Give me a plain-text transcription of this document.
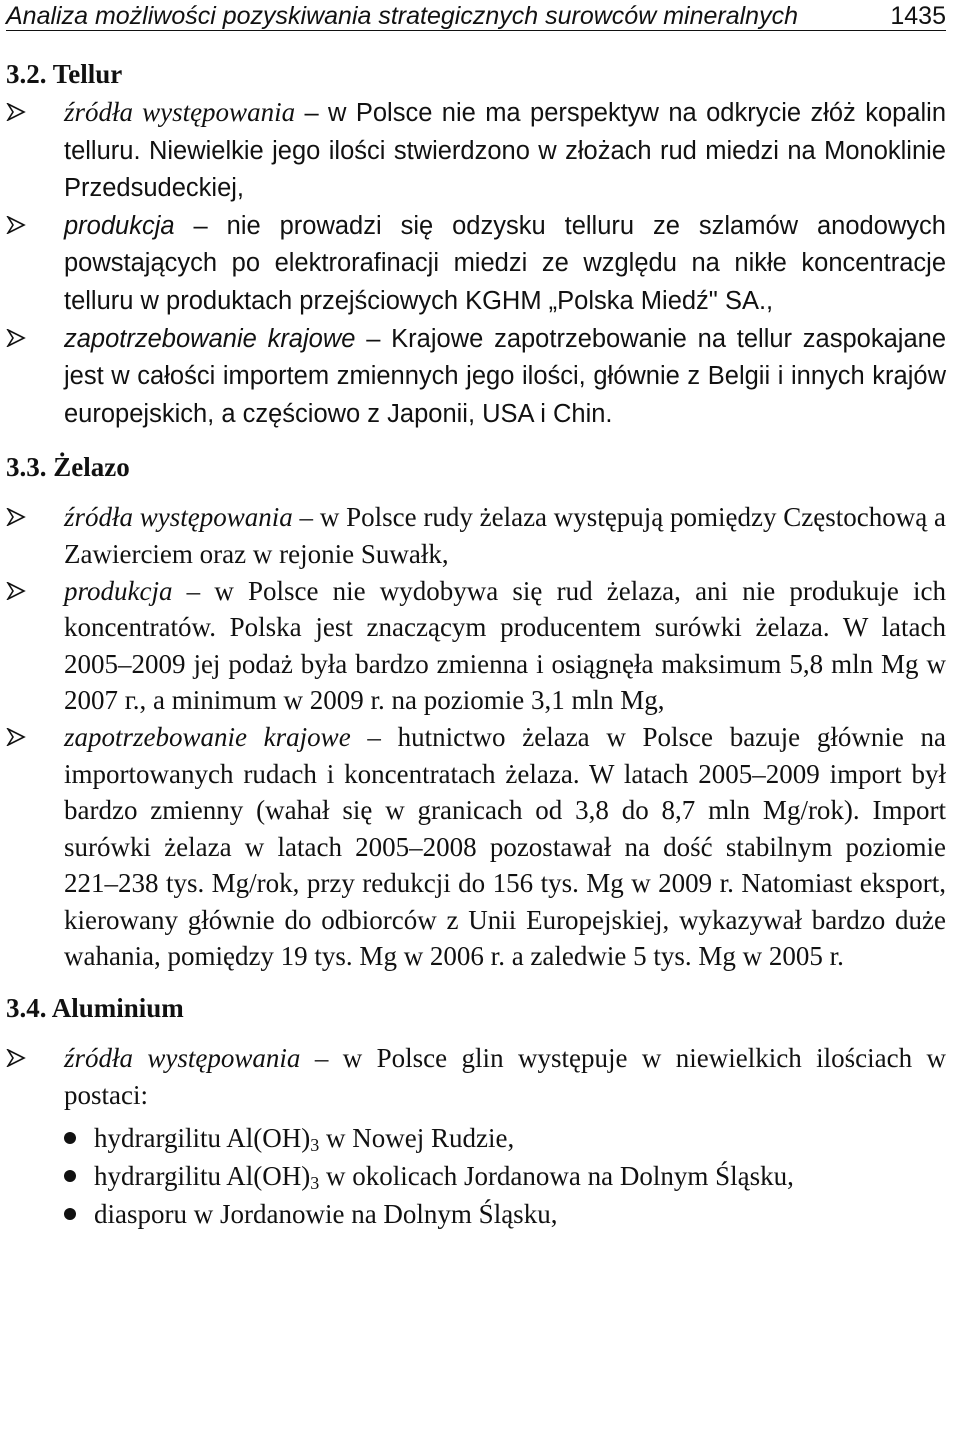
Analiza możliwości pozyskiwania strategicznych surowców mineralnych	1435
3.2. Tellur
źródła występowania – w Polsce nie ma perspektyw na odkrycie złóż kopalin telluru. Niewielkie jego ilości stwierdzono w złożach rud miedzi na Monoklinie Przedsudeckiej,
produkcja – nie prowadzi się odzysku telluru ze szlamów anodowych powstających po elektrorafinacji miedzi ze względu na nikłe koncentracje telluru w produktach przejściowych KGHM „Polska Miedź" SA.,
zapotrzebowanie krajowe – Krajowe zapotrzebowanie na tellur zaspokajane jest w całości importem zmiennych jego ilości, głównie z Belgii i innych krajów europejskich, a częściowo z Japonii, USA i Chin.
3.3. Żelazo
źródła występowania – w Polsce rudy żelaza występują pomiędzy Częstochową a Zawierciem oraz w rejonie Suwałk,
produkcja – w Polsce nie wydobywa się rud żelaza, ani nie produkuje ich koncentratów. Polska jest znaczącym producentem surówki żelaza. W latach 2005–2009 jej podaż była bardzo zmienna i osiągnęła maksimum 5,8 mln Mg w 2007 г., a minimum w 2009 r. na poziomie 3,1 mln Mg,
zapotrzebowanie krajowe – hutnictwo żelaza w Polsce bazuje głównie na importowanych rudach i koncentratach żelaza. W latach 2005–2009 import był bardzo zmienny (wahał się w granicach od 3,8 do 8,7 mln Mg/rok). Import surówki żelaza w latach 2005–2008 pozostawał na dość stabilnym poziomie 221–238 tys. Mg/rok, przy redukcji do 156 tys. Mg w 2009 r. Natomiast eksport, kierowany głównie do odbiorców z Unii Europejskiej, wykazywał bardzo duże wahania, pomiędzy 19 tys. Mg w 2006 r. a zaledwie 5 tys. Mg w 2005 r.
3.4. Aluminium
źródła występowania – w Polsce glin występuje w niewielkich ilościach w postaci:
hydrargilitu $Al(OH)_3$ w Nowej Rudzie,
hydrargilitu $Al(OH)_3$ w okolicach Jordanowa na Dolnym Śląsku,
diasporu w Jordanowie na Dolnym Śląsku,
